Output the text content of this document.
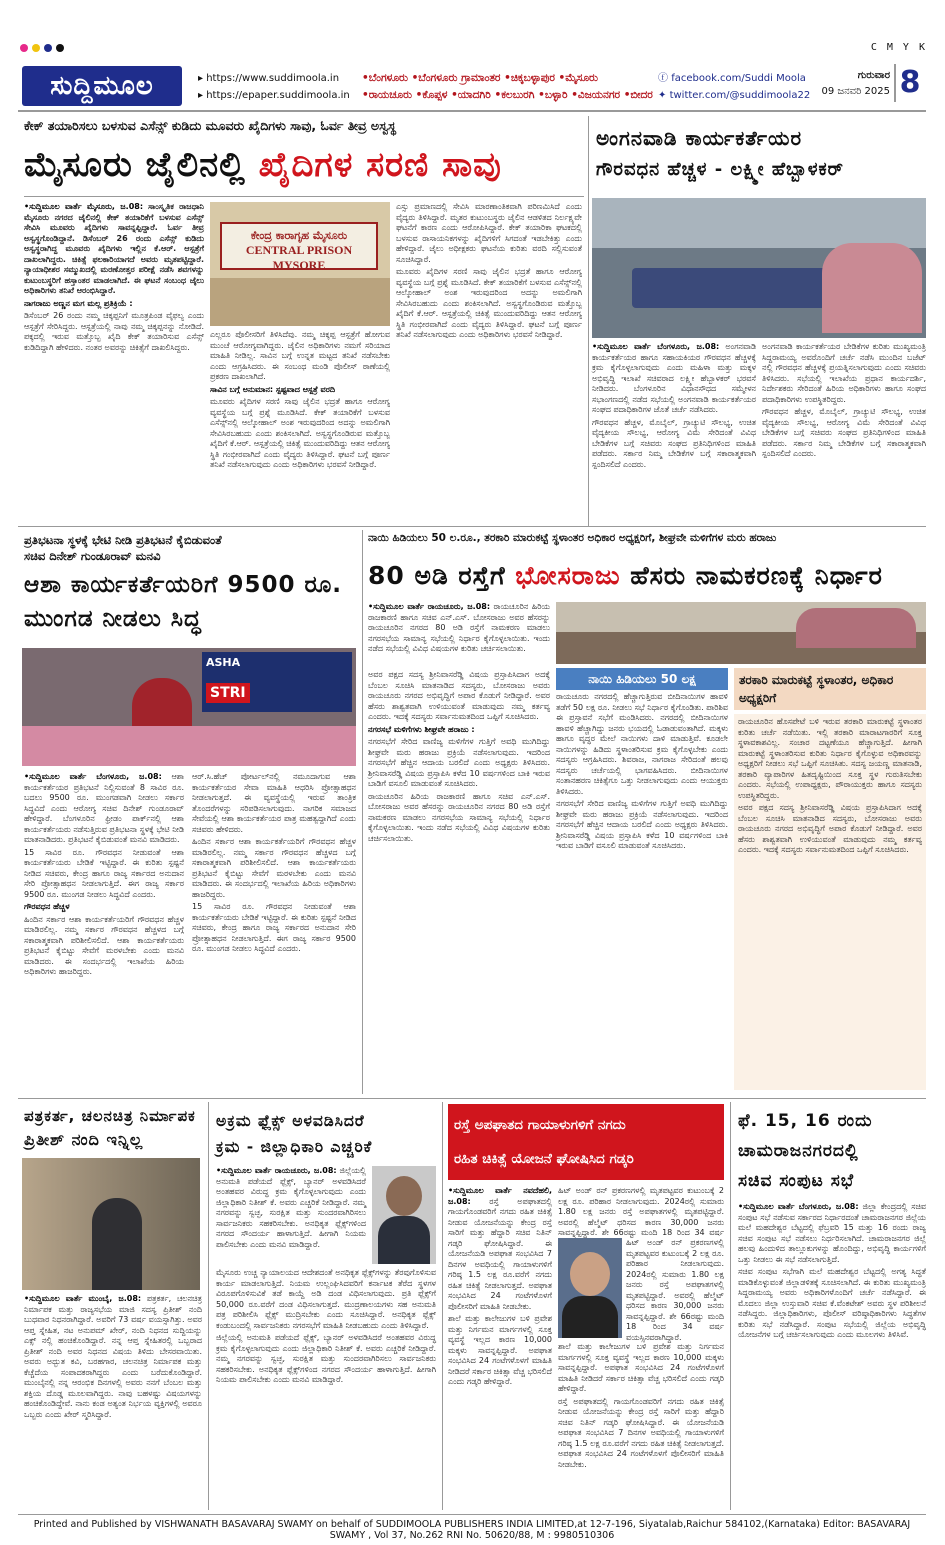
C M Y K
ಸುದ್ದಿಮೂಲ	▸ https://www.suddimoola.in
▸ https://epaper.suddimoola.in
•ಬೆಂಗಳೂರು •ಬೆಂಗಳೂರು ಗ್ರಾಮಾಂತರ •ಚಿಕ್ಕಬಳ್ಳಾಪುರ •ಮೈಸೂರು
•ರಾಯಚೂರು •ಕೊಪ್ಪಳ •ಯಾದಗಿರಿ •ಕಲಬುರಗಿ •ಬಳ್ಳಾರಿ •ವಿಜಯನಗರ •ಬೀದರ
ⓕ facebook.com/Suddi Moola
✦ twitter.com/@suddimoola22
ಗುರುವಾರ
09 ಜನವರಿ 2025 8
ಕೇಕ್ ತಯಾರಿಸಲು ಬಳಸುವ ಎಸೆನ್ಸ್ ಕುಡಿದು ಮೂವರು ಖೈದಿಗಳು ಸಾವು, ಓರ್ವ ತೀವ್ರ ಅಸ್ವಸ್ಥ
ಮೈಸೂರು ಜೈಲಿನಲ್ಲಿ ಖೈದಿಗಳ ಸರಣಿ ಸಾವು

•ಸುದ್ದಿಮೂಲ ವಾರ್ತೆ ಮೈಸೂರು, ಜ.08: ಸಾಂಸ್ಕೃತಿಕ ರಾಜಧಾನಿ ಮೈಸೂರು ನಗರದ ಜೈಲಿನಲ್ಲಿ ಕೇಕ್ ತಯಾರಿಕೆಗೆ ಬಳಸುವ ಎಸೆನ್ಸ್ ಸೇವಿಸಿ ಮೂವರು ಖೈದಿಗಳು ಸಾವನ್ನಪ್ಪಿದ್ದಾರೆ. ಓರ್ವ ತೀವ್ರ ಅಸ್ವಸ್ಥಗೊಂಡಿದ್ದಾನೆ. ಡಿಸೆಂಬರ್ 26 ರಂದು ಎಸೆನ್ಸ್ ಕುಡಿದು ಅಸ್ವಸ್ಥರಾಗಿದ್ದ ಮೂವರು ಖೈದಿಗಳು ಇಲ್ಲಿನ ಕೆ.ಆರ್. ಆಸ್ಪತ್ರೆಗೆ ದಾಖಲಾಗಿದ್ದರು. ಚಿಕಿತ್ಸೆ ಫಲಕಾರಿಯಾಗದೆ ಅವರು ಮೃತಪಟ್ಟಿದ್ದಾರೆ. ನ್ಯಾಯಾಧೀಶರ ಸಮ್ಮುಖದಲ್ಲಿ ಮರಣೋತ್ತರ ಪರೀಕ್ಷೆ ನಡೆಸಿ ಶವಗಳನ್ನು ಕುಟುಂಬಸ್ಥರಿಗೆ ಹಸ್ತಾಂತರ ಮಾಡಲಾಗಿದೆ. ಈ ಘಟನೆ ಸಂಬಂಧ ಜೈಲು ಅಧಿಕಾರಿಗಳು ತನಿಖೆ ಆರಂಭಿಸಿದ್ದಾರೆ.

ನಾಗರಾಜು ಅಣ್ಣನ ಮಗ ಮಲ್ಲ ಪ್ರತಿಕ್ರಿಯೆ :

ಡಿಸೆಂಬರ್ 26 ರಂದು ನಮ್ಮ ಚಿಕ್ಕಪ್ಪನಿಗೆ ಮೂತ್ರಪಿಂಡ ವೈಫಲ್ಯ ಎಂದು ಆಸ್ಪತ್ರೆಗೆ ಸೇರಿಸಿದ್ದರು. ಆಸ್ಪತ್ರೆಯಲ್ಲಿ ನಾವು ನಮ್ಮ ಚಿಕ್ಕಪ್ಪನನ್ನು ನೋಡಿದೆ. ಪಕ್ಕದಲ್ಲಿ ಇರುವ ಮತ್ತೊಬ್ಬ ಖೈದಿ ಕೇಕ್ ತಯಾರಿಸುವ ಎಸೆನ್ಸ್ ಕುಡಿದಿದ್ದಾಗಿ ಹೇಳಿದರು. ನಂತರ ಅವರನ್ನು ಚಿಕಿತ್ಸೆಗೆ ದಾಖಲಿಸಿದ್ದರು.

ಕೇಂದ್ರ ಕಾರಾಗೃಹ ಮೈಸೂರು
CENTRAL PRISON MYSORE

ಎಲ್ಲರೂ ಪೊಲೀಸರಿಗೆ ತಿಳಿಸಿದೆವು. ನಮ್ಮ ಚಿಕ್ಕಪ್ಪ ಆಸ್ಪತ್ರೆಗೆ ಹೋಗುವ ಮುಂಚೆ ಆರೋಗ್ಯವಾಗಿದ್ದರು. ಜೈಲಿನ ಅಧಿಕಾರಿಗಳು ನಮಗೆ ಸರಿಯಾದ ಮಾಹಿತಿ ನೀಡಿಲ್ಲ. ಸಾವಿನ ಬಗ್ಗೆ ಉನ್ನತ ಮಟ್ಟದ ತನಿಖೆ ನಡೆಸಬೇಕು ಎಂದು ಆಗ್ರಹಿಸಿದರು. ಈ ಸಂಬಂಧ ಮಂಡಿ ಪೊಲೀಸ್ ಠಾಣೆಯಲ್ಲಿ ಪ್ರಕರಣ ದಾಖಲಾಗಿದೆ.

ಸಾವಿನ ಬಗ್ಗೆ ಅನುಮಾನ: ಸ್ಪಷ್ಟವಾದ ಆಸ್ಪತ್ರೆ ವರದಿ

ಮೂವರು ಖೈದಿಗಳ ಸರಣಿ ಸಾವು ಜೈಲಿನ ಭದ್ರತೆ ಹಾಗೂ ಆರೋಗ್ಯ ವ್ಯವಸ್ಥೆಯ ಬಗ್ಗೆ ಪ್ರಶ್ನೆ ಮೂಡಿಸಿದೆ. ಕೇಕ್ ತಯಾರಿಕೆಗೆ ಬಳಸುವ ಎಸೆನ್ಸ್‌ನಲ್ಲಿ ಆಲ್ಕೋಹಾಲ್ ಅಂಶ ಇರುವುದರಿಂದ ಅದನ್ನು ಅಮಲಿಗಾಗಿ ಸೇವಿಸಿರಬಹುದು ಎಂದು ಶಂಕಿಸಲಾಗಿದೆ. ಅಸ್ವಸ್ಥಗೊಂಡಿರುವ ಮತ್ತೊಬ್ಬ ಖೈದಿಗೆ ಕೆ.ಆರ್. ಆಸ್ಪತ್ರೆಯಲ್ಲಿ ಚಿಕಿತ್ಸೆ ಮುಂದುವರಿದಿದ್ದು ಆತನ ಆರೋಗ್ಯ ಸ್ಥಿತಿ ಗಂಭೀರವಾಗಿದೆ ಎಂದು ವೈದ್ಯರು ತಿಳಿಸಿದ್ದಾರೆ. ಘಟನೆ ಬಗ್ಗೆ ಪೂರ್ಣ ತನಿಖೆ ನಡೆಸಲಾಗುವುದು ಎಂದು ಅಧಿಕಾರಿಗಳು ಭರವಸೆ ನೀಡಿದ್ದಾರೆ.

ಎಸ್ಸು ಪ್ರಮಾಣದಲ್ಲಿ ಸೇವಿಸಿ ಮಾರಣಾಂತಿಕವಾಗಿ ಪರಿಣಮಿಸಿದೆ ಎಂದು ವೈದ್ಯರು ತಿಳಿಸಿದ್ದಾರೆ. ಮೃತರ ಕುಟುಂಬಸ್ಥರು ಜೈಲಿನ ಆಡಳಿತದ ನಿರ್ಲಕ್ಷ್ಯವೇ ಘಟನೆಗೆ ಕಾರಣ ಎಂದು ಆರೋಪಿಸಿದ್ದಾರೆ. ಕೇಕ್ ತಯಾರಿಕಾ ಘಟಕದಲ್ಲಿ ಬಳಸುವ ರಾಸಾಯನಿಕಗಳನ್ನು ಖೈದಿಗಳಿಗೆ ಸಿಗದಂತೆ ಇಡಬೇಕಿತ್ತು ಎಂದು ಹೇಳಿದ್ದಾರೆ. ಜೈಲು ಅಧೀಕ್ಷಕರು ಘಟನೆಯ ಕುರಿತು ವರದಿ ಸಲ್ಲಿಸುವಂತೆ ಸೂಚಿಸಿದ್ದಾರೆ.

ಮೂವರು ಖೈದಿಗಳ ಸರಣಿ ಸಾವು ಜೈಲಿನ ಭದ್ರತೆ ಹಾಗೂ ಆರೋಗ್ಯ ವ್ಯವಸ್ಥೆಯ ಬಗ್ಗೆ ಪ್ರಶ್ನೆ ಮೂಡಿಸಿದೆ. ಕೇಕ್ ತಯಾರಿಕೆಗೆ ಬಳಸುವ ಎಸೆನ್ಸ್‌ನಲ್ಲಿ ಆಲ್ಕೋಹಾಲ್ ಅಂಶ ಇರುವುದರಿಂದ ಅದನ್ನು ಅಮಲಿಗಾಗಿ ಸೇವಿಸಿರಬಹುದು ಎಂದು ಶಂಕಿಸಲಾಗಿದೆ. ಅಸ್ವಸ್ಥಗೊಂಡಿರುವ ಮತ್ತೊಬ್ಬ ಖೈದಿಗೆ ಕೆ.ಆರ್. ಆಸ್ಪತ್ರೆಯಲ್ಲಿ ಚಿಕಿತ್ಸೆ ಮುಂದುವರಿದಿದ್ದು ಆತನ ಆರೋಗ್ಯ ಸ್ಥಿತಿ ಗಂಭೀರವಾಗಿದೆ ಎಂದು ವೈದ್ಯರು ತಿಳಿಸಿದ್ದಾರೆ. ಘಟನೆ ಬಗ್ಗೆ ಪೂರ್ಣ ತನಿಖೆ ನಡೆಸಲಾಗುವುದು ಎಂದು ಅಧಿಕಾರಿಗಳು ಭರವಸೆ ನೀಡಿದ್ದಾರೆ.

ಅಂಗನವಾಡಿ ಕಾರ್ಯಕರ್ತೆಯರ
ಗೌರವಧನ ಹೆಚ್ಚಳ - ಲಕ್ಷ್ಮೀ ಹೆಬ್ಬಾಳಕರ್

•ಸುದ್ದಿಮೂಲ ವಾರ್ತೆ ಬೆಂಗಳೂರು, ಜ.08: ಅಂಗನವಾಡಿ ಕಾರ್ಯಕರ್ತೆಯರ ಹಾಗೂ ಸಹಾಯಕಿಯರ ಗೌರವಧನ ಹೆಚ್ಚಳಕ್ಕೆ ಕ್ರಮ ಕೈಗೊಳ್ಳಲಾಗುವುದು ಎಂದು ಮಹಿಳಾ ಮತ್ತು ಮಕ್ಕಳ ಅಭಿವೃದ್ಧಿ ಇಲಾಖೆ ಸಚಿವರಾದ ಲಕ್ಷ್ಮೀ ಹೆಬ್ಬಾಳಕರ್ ಭರವಸೆ ನೀಡಿದರು. ಬೆಂಗಳೂರಿನ ವಿಧಾನಸೌಧದ ಸಮ್ಮೇಳನ ಸಭಾಂಗಣದಲ್ಲಿ ನಡೆದ ಸಭೆಯಲ್ಲಿ ಅಂಗನವಾಡಿ ಕಾರ್ಯಕರ್ತೆಯರ ಸಂಘದ ಪದಾಧಿಕಾರಿಗಳ ಜೊತೆ ಚರ್ಚೆ ನಡೆಸಿದರು.

ಗೌರವಧನ ಹೆಚ್ಚಳ, ಮೊಬೈಲ್, ಗ್ರಾಚ್ಯುಟಿ ಸೌಲಭ್ಯ, ಉಚಿತ ವೈದ್ಯಕೀಯ ಸೌಲಭ್ಯ, ಆರೋಗ್ಯ ವಿಮೆ ಸೇರಿದಂತೆ ವಿವಿಧ ಬೇಡಿಕೆಗಳ ಬಗ್ಗೆ ಸಚಿವರು ಸಂಘದ ಪ್ರತಿನಿಧಿಗಳಿಂದ ಮಾಹಿತಿ ಪಡೆದರು. ಸರ್ಕಾರ ನಿಮ್ಮ ಬೇಡಿಕೆಗಳ ಬಗ್ಗೆ ಸಕಾರಾತ್ಮಕವಾಗಿ ಸ್ಪಂದಿಸಲಿದೆ ಎಂದರು.

ಅಂಗನವಾಡಿ ಕಾರ್ಯಕರ್ತೆಯರ ಬೇಡಿಕೆಗಳ ಕುರಿತು ಮುಖ್ಯಮಂತ್ರಿ ಸಿದ್ದರಾಮಯ್ಯ ಅವರೊಂದಿಗೆ ಚರ್ಚೆ ನಡೆಸಿ ಮುಂದಿನ ಬಜೆಟ್ ನಲ್ಲಿ ಗೌರವಧನ ಹೆಚ್ಚಳಕ್ಕೆ ಪ್ರಯತ್ನಿಸಲಾಗುವುದು ಎಂದು ಸಚಿವರು ತಿಳಿಸಿದರು. ಸಭೆಯಲ್ಲಿ ಇಲಾಖೆಯ ಪ್ರಧಾನ ಕಾರ್ಯದರ್ಶಿ, ನಿರ್ದೇಶಕರು ಸೇರಿದಂತೆ ಹಿರಿಯ ಅಧಿಕಾರಿಗಳು ಹಾಗೂ ಸಂಘದ ಪದಾಧಿಕಾರಿಗಳು ಉಪಸ್ಥಿತರಿದ್ದರು.

ಗೌರವಧನ ಹೆಚ್ಚಳ, ಮೊಬೈಲ್, ಗ್ರಾಚ್ಯುಟಿ ಸೌಲಭ್ಯ, ಉಚಿತ ವೈದ್ಯಕೀಯ ಸೌಲಭ್ಯ, ಆರೋಗ್ಯ ವಿಮೆ ಸೇರಿದಂತೆ ವಿವಿಧ ಬೇಡಿಕೆಗಳ ಬಗ್ಗೆ ಸಚಿವರು ಸಂಘದ ಪ್ರತಿನಿಧಿಗಳಿಂದ ಮಾಹಿತಿ ಪಡೆದರು. ಸರ್ಕಾರ ನಿಮ್ಮ ಬೇಡಿಕೆಗಳ ಬಗ್ಗೆ ಸಕಾರಾತ್ಮಕವಾಗಿ ಸ್ಪಂದಿಸಲಿದೆ ಎಂದರು.

ಪ್ರತಿಭಟನಾ ಸ್ಥಳಕ್ಕೆ ಭೇಟಿ ನೀಡಿ ಪ್ರತಿಭಟನೆ ಕೈಬಿಡುವಂತೆ
ಸಚಿವ ದಿನೇಶ್ ಗುಂಡೂರಾವ್ ಮನವಿ
ಆಶಾ ಕಾರ್ಯಕರ್ತೆಯರಿಗೆ 9500 ರೂ.
ಮುಂಗಡ ನೀಡಲು ಸಿದ್ಧ
ASHA
STRI

•ಸುದ್ದಿಮೂಲ ವಾರ್ತೆ ಬೆಂಗಳೂರು, ಜ.08: ಆಶಾ ಕಾರ್ಯಕರ್ತೆಯರ ಪ್ರತಿಭಟನೆ ನಿಲ್ಲಿಸುವಂತೆ 8 ಸಾವಿರ ರೂ. ಬದಲು 9500 ರೂ. ಮುಂಗಡವಾಗಿ ನೀಡಲು ಸರ್ಕಾರ ಸಿದ್ಧವಿದೆ ಎಂದು ಆರೋಗ್ಯ ಸಚಿವ ದಿನೇಶ್ ಗುಂಡೂರಾವ್ ಹೇಳಿದ್ದಾರೆ. ಬೆಂಗಳೂರಿನ ಫ್ರೀಡಂ ಪಾರ್ಕ್‌ನಲ್ಲಿ ಆಶಾ ಕಾರ್ಯಕರ್ತೆಯರು ನಡೆಸುತ್ತಿರುವ ಪ್ರತಿಭಟನಾ ಸ್ಥಳಕ್ಕೆ ಭೇಟಿ ನೀಡಿ ಮಾತನಾಡಿದರು. ಪ್ರತಿಭಟನೆ ಕೈಬಿಡುವಂತೆ ಮನವಿ ಮಾಡಿದರು.

15 ಸಾವಿರ ರೂ. ಗೌರವಧನ ನೀಡುವಂತೆ ಆಶಾ ಕಾರ್ಯಕರ್ತೆಯರು ಬೇಡಿಕೆ ಇಟ್ಟಿದ್ದಾರೆ. ಈ ಕುರಿತು ಸ್ಪಷ್ಟನೆ ನೀಡಿದ ಸಚಿವರು, ಕೇಂದ್ರ ಹಾಗೂ ರಾಜ್ಯ ಸರ್ಕಾರದ ಅನುದಾನ ಸೇರಿ ಪ್ರೋತ್ಸಾಹಧನ ನೀಡಲಾಗುತ್ತಿದೆ. ಈಗ ರಾಜ್ಯ ಸರ್ಕಾರ 9500 ರೂ. ಮುಂಗಡ ನೀಡಲು ಸಿದ್ಧವಿದೆ ಎಂದರು.

ಗೌರವಧನ ಹೆಚ್ಚಳ

ಹಿಂದಿನ ಸರ್ಕಾರ ಆಶಾ ಕಾರ್ಯಕರ್ತೆಯರಿಗೆ ಗೌರವಧನ ಹೆಚ್ಚಳ ಮಾಡಿರಲಿಲ್ಲ. ನಮ್ಮ ಸರ್ಕಾರ ಗೌರವಧನ ಹೆಚ್ಚಳದ ಬಗ್ಗೆ ಸಕಾರಾತ್ಮಕವಾಗಿ ಪರಿಶೀಲಿಸಲಿದೆ. ಆಶಾ ಕಾರ್ಯಕರ್ತೆಯರು ಪ್ರತಿಭಟನೆ ಕೈಬಿಟ್ಟು ಸೇವೆಗೆ ಮರಳಬೇಕು ಎಂದು ಮನವಿ ಮಾಡಿದರು. ಈ ಸಂದರ್ಭದಲ್ಲಿ ಇಲಾಖೆಯ ಹಿರಿಯ ಅಧಿಕಾರಿಗಳು ಹಾಜರಿದ್ದರು.

ಆರ್.ಸಿ.ಹೆಚ್ ಪೋರ್ಟಲ್‌ನಲ್ಲಿ ನಮೂದಾಗುವ ಆಶಾ ಕಾರ್ಯಕರ್ತೆಯರ ಸೇವಾ ಮಾಹಿತಿ ಆಧರಿಸಿ ಪ್ರೋತ್ಸಾಹಧನ ನೀಡಲಾಗುತ್ತದೆ. ಈ ವ್ಯವಸ್ಥೆಯಲ್ಲಿ ಇರುವ ತಾಂತ್ರಿಕ ತೊಂದರೆಗಳನ್ನು ಸರಿಪಡಿಸಲಾಗುವುದು. ನಾಗರಿಕ ಸಮಾಜದ ಸೇವೆಯಲ್ಲಿ ಆಶಾ ಕಾರ್ಯಕರ್ತೆಯರ ಪಾತ್ರ ಮಹತ್ವದ್ದಾಗಿದೆ ಎಂದು ಸಚಿವರು ಹೇಳಿದರು.

ಹಿಂದಿನ ಸರ್ಕಾರ ಆಶಾ ಕಾರ್ಯಕರ್ತೆಯರಿಗೆ ಗೌರವಧನ ಹೆಚ್ಚಳ ಮಾಡಿರಲಿಲ್ಲ. ನಮ್ಮ ಸರ್ಕಾರ ಗೌರವಧನ ಹೆಚ್ಚಳದ ಬಗ್ಗೆ ಸಕಾರಾತ್ಮಕವಾಗಿ ಪರಿಶೀಲಿಸಲಿದೆ. ಆಶಾ ಕಾರ್ಯಕರ್ತೆಯರು ಪ್ರತಿಭಟನೆ ಕೈಬಿಟ್ಟು ಸೇವೆಗೆ ಮರಳಬೇಕು ಎಂದು ಮನವಿ ಮಾಡಿದರು. ಈ ಸಂದರ್ಭದಲ್ಲಿ ಇಲಾಖೆಯ ಹಿರಿಯ ಅಧಿಕಾರಿಗಳು ಹಾಜರಿದ್ದರು.

15 ಸಾವಿರ ರೂ. ಗೌರವಧನ ನೀಡುವಂತೆ ಆಶಾ ಕಾರ್ಯಕರ್ತೆಯರು ಬೇಡಿಕೆ ಇಟ್ಟಿದ್ದಾರೆ. ಈ ಕುರಿತು ಸ್ಪಷ್ಟನೆ ನೀಡಿದ ಸಚಿವರು, ಕೇಂದ್ರ ಹಾಗೂ ರಾಜ್ಯ ಸರ್ಕಾರದ ಅನುದಾನ ಸೇರಿ ಪ್ರೋತ್ಸಾಹಧನ ನೀಡಲಾಗುತ್ತಿದೆ. ಈಗ ರಾಜ್ಯ ಸರ್ಕಾರ 9500 ರೂ. ಮುಂಗಡ ನೀಡಲು ಸಿದ್ಧವಿದೆ ಎಂದರು.

ನಾಯಿ ಹಿಡಿಯಲು 50 ಲ.ರೂ., ತರಕಾರಿ ಮಾರುಕಟ್ಟೆ ಸ್ಥಳಾಂತರ ಅಧಿಕಾರ ಅಧ್ಯಕ್ಷರಿಗೆ, ಶೀಘ್ರವೇ ಮಳಿಗೆಗಳ ಮರು ಹರಾಜು
80 ಅಡಿ ರಸ್ತೆಗೆ ಭೋಸರಾಜು ಹೆಸರು ನಾಮಕರಣಕ್ಕೆ ನಿರ್ಧಾರ

•ಸುದ್ದಿಮೂಲ ವಾರ್ತೆ ರಾಯಚೂರು, ಜ.08: ರಾಯಚೂರಿನ ಹಿರಿಯ ರಾಜಕಾರಣಿ ಹಾಗೂ ಸಚಿವ ಎನ್.ಎಸ್. ಬೋಸರಾಜು ಅವರ ಹೆಸರನ್ನು ರಾಯಚೂರಿನ ನಗರದ 80 ಅಡಿ ರಸ್ತೆಗೆ ನಾಮಕರಣ ಮಾಡಲು ನಗರಸಭೆಯ ಸಾಮಾನ್ಯ ಸಭೆಯಲ್ಲಿ ನಿರ್ಧಾರ ಕೈಗೊಳ್ಳಲಾಯಿತು. ಇಂದು ನಡೆದ ಸಭೆಯಲ್ಲಿ ವಿವಿಧ ವಿಷಯಗಳ ಕುರಿತು ಚರ್ಚಿಸಲಾಯಿತು.

ನಾಯಿ ಹಿಡಿಯಲು 50 ಲಕ್ಷ

ರಾಯಚೂರು ನಗರದಲ್ಲಿ ಹೆಚ್ಚಾಗುತ್ತಿರುವ ಬೀದಿನಾಯಿಗಳ ಹಾವಳಿ ತಡೆಗೆ 50 ಲಕ್ಷ ರೂ. ನೀಡಲು ಸಭೆ ನಿರ್ಧಾರ ಕೈಗೊಂಡಿತು. ಪಾರಿಶಿವ ಈ ಪ್ರಸ್ತಾವನೆ ಸಭೆಗೆ ಮಂಡಿಸಿದರು. ನಗರದಲ್ಲಿ ಬೀದಿನಾಯಿಗಳ ಹಾವಳಿ ಹೆಚ್ಚಾಗಿದ್ದು ಜನರು ಭಯದಲ್ಲಿ ಓಡಾಡುವಂತಾಗಿದೆ. ಮಕ್ಕಳು ಹಾಗೂ ವೃದ್ಧರ ಮೇಲೆ ನಾಯಿಗಳು ದಾಳಿ ಮಾಡುತ್ತಿವೆ. ಕೂಡಲೇ ನಾಯಿಗಳನ್ನು ಹಿಡಿದು ಸ್ಥಳಾಂತರಿಸುವ ಕ್ರಮ ಕೈಗೊಳ್ಳಬೇಕು ಎಂದು ಸದಸ್ಯರು ಆಗ್ರಹಿಸಿದರು. ಶಿವರಾಜ, ನಾಗರಾಜ ಸೇರಿದಂತೆ ಹಲವು ಸದಸ್ಯರು ಚರ್ಚೆಯಲ್ಲಿ ಭಾಗವಹಿಸಿದರು. ಬೀದಿನಾಯಿಗಳ ಸಂತಾನಹರಣ ಚಿಕಿತ್ಸೆಗೂ ಒತ್ತು ನೀಡಲಾಗುವುದು ಎಂದು ಆಯುಕ್ತರು ತಿಳಿಸಿದರು.

ನಗರಸಭೆಗೆ ಸೇರಿದ ವಾಣಿಜ್ಯ ಮಳಿಗೆಗಳ ಗುತ್ತಿಗೆ ಅವಧಿ ಮುಗಿದಿದ್ದು ಶೀಘ್ರವೇ ಮರು ಹರಾಜು ಪ್ರಕ್ರಿಯೆ ನಡೆಸಲಾಗುವುದು. ಇದರಿಂದ ನಗರಸಭೆಗೆ ಹೆಚ್ಚಿನ ಆದಾಯ ಬರಲಿದೆ ಎಂದು ಅಧ್ಯಕ್ಷರು ತಿಳಿಸಿದರು. ಶ್ರೀನಿವಾಸರೆಡ್ಡಿ ವಿಷಯ ಪ್ರಸ್ತಾಪಿಸಿ ಕಳೆದ 10 ವರ್ಷಗಳಿಂದ ಬಾಕಿ ಇರುವ ಬಾಡಿಗೆ ವಸೂಲಿ ಮಾಡುವಂತೆ ಸೂಚಿಸಿದರು.

ಅವರ ಪಕ್ಷದ ಸದಸ್ಯ ಶ್ರೀನಿವಾಸರೆಡ್ಡಿ ವಿಷಯ ಪ್ರಸ್ತಾಪಿಸಿದಾಗ ಅದಕ್ಕೆ ಬೆಂಬಲ ಸೂಚಿಸಿ ಮಾತನಾಡಿದ ಸದಸ್ಯರು, ಬೋಸರಾಜು ಅವರು ರಾಯಚೂರು ನಗರದ ಅಭಿವೃದ್ಧಿಗೆ ಅಪಾರ ಕೊಡುಗೆ ನೀಡಿದ್ದಾರೆ. ಅವರ ಹೆಸರು ಶಾಶ್ವತವಾಗಿ ಉಳಿಯುವಂತೆ ಮಾಡುವುದು ನಮ್ಮ ಕರ್ತವ್ಯ ಎಂದರು. ಇದಕ್ಕೆ ಸದಸ್ಯರು ಸರ್ವಾನುಮತದಿಂದ ಒಪ್ಪಿಗೆ ಸೂಚಿಸಿದರು.

ನಗರಸಭೆ ಮಳಿಗೆಗಳು ಶೀಘ್ರವೇ ಹರಾಜು :

ನಗರಸಭೆಗೆ ಸೇರಿದ ವಾಣಿಜ್ಯ ಮಳಿಗೆಗಳ ಗುತ್ತಿಗೆ ಅವಧಿ ಮುಗಿದಿದ್ದು ಶೀಘ್ರವೇ ಮರು ಹರಾಜು ಪ್ರಕ್ರಿಯೆ ನಡೆಸಲಾಗುವುದು. ಇದರಿಂದ ನಗರಸಭೆಗೆ ಹೆಚ್ಚಿನ ಆದಾಯ ಬರಲಿದೆ ಎಂದು ಅಧ್ಯಕ್ಷರು ತಿಳಿಸಿದರು. ಶ್ರೀನಿವಾಸರೆಡ್ಡಿ ವಿಷಯ ಪ್ರಸ್ತಾಪಿಸಿ ಕಳೆದ 10 ವರ್ಷಗಳಿಂದ ಬಾಕಿ ಇರುವ ಬಾಡಿಗೆ ವಸೂಲಿ ಮಾಡುವಂತೆ ಸೂಚಿಸಿದರು.

ರಾಯಚೂರಿನ ಹಿರಿಯ ರಾಜಕಾರಣಿ ಹಾಗೂ ಸಚಿವ ಎನ್.ಎಸ್. ಬೋಸರಾಜು ಅವರ ಹೆಸರನ್ನು ರಾಯಚೂರಿನ ನಗರದ 80 ಅಡಿ ರಸ್ತೆಗೆ ನಾಮಕರಣ ಮಾಡಲು ನಗರಸಭೆಯ ಸಾಮಾನ್ಯ ಸಭೆಯಲ್ಲಿ ನಿರ್ಧಾರ ಕೈಗೊಳ್ಳಲಾಯಿತು. ಇಂದು ನಡೆದ ಸಭೆಯಲ್ಲಿ ವಿವಿಧ ವಿಷಯಗಳ ಕುರಿತು ಚರ್ಚಿಸಲಾಯಿತು.

ತರಕಾರಿ ಮಾರುಕಟ್ಟೆ ಸ್ಥಳಾಂತರ, ಅಧಿಕಾರ ಅಧ್ಯಕ್ಷರಿಗೆ

ರಾಯಚೂರಿನ ಹೊಸಪೇಟೆ ಬಳಿ ಇರುವ ತರಕಾರಿ ಮಾರುಕಟ್ಟೆ ಸ್ಥಳಾಂತರ ಕುರಿತು ಚರ್ಚೆ ನಡೆಯಿತು. ಇಲ್ಲಿ ತರಕಾರಿ ಮಾರಾಟಗಾರರಿಗೆ ಸೂಕ್ತ ಸ್ಥಳಾವಕಾಶವಿಲ್ಲ. ಸಂಚಾರ ದಟ್ಟಣೆಯೂ ಹೆಚ್ಚಾಗುತ್ತಿದೆ. ಹೀಗಾಗಿ ಮಾರುಕಟ್ಟೆ ಸ್ಥಳಾಂತರಿಸುವ ಕುರಿತು ನಿರ್ಧಾರ ಕೈಗೊಳ್ಳುವ ಅಧಿಕಾರವನ್ನು ಅಧ್ಯಕ್ಷರಿಗೆ ನೀಡಲು ಸಭೆ ಒಪ್ಪಿಗೆ ಸೂಚಿಸಿತು. ಸದಸ್ಯ ಜಯಣ್ಣ ಮಾತನಾಡಿ, ತರಕಾರಿ ವ್ಯಾಪಾರಿಗಳ ಹಿತದೃಷ್ಟಿಯಿಂದ ಸೂಕ್ತ ಸ್ಥಳ ಗುರುತಿಸಬೇಕು ಎಂದರು. ಸಭೆಯಲ್ಲಿ ಉಪಾಧ್ಯಕ್ಷರು, ಪೌರಾಯುಕ್ತರು ಹಾಗೂ ಸದಸ್ಯರು ಉಪಸ್ಥಿತರಿದ್ದರು.

ಅವರ ಪಕ್ಷದ ಸದಸ್ಯ ಶ್ರೀನಿವಾಸರೆಡ್ಡಿ ವಿಷಯ ಪ್ರಸ್ತಾಪಿಸಿದಾಗ ಅದಕ್ಕೆ ಬೆಂಬಲ ಸೂಚಿಸಿ ಮಾತನಾಡಿದ ಸದಸ್ಯರು, ಬೋಸರಾಜು ಅವರು ರಾಯಚೂರು ನಗರದ ಅಭಿವೃದ್ಧಿಗೆ ಅಪಾರ ಕೊಡುಗೆ ನೀಡಿದ್ದಾರೆ. ಅವರ ಹೆಸರು ಶಾಶ್ವತವಾಗಿ ಉಳಿಯುವಂತೆ ಮಾಡುವುದು ನಮ್ಮ ಕರ್ತವ್ಯ ಎಂದರು. ಇದಕ್ಕೆ ಸದಸ್ಯರು ಸರ್ವಾನುಮತದಿಂದ ಒಪ್ಪಿಗೆ ಸೂಚಿಸಿದರು.

ಪತ್ರಕರ್ತ, ಚಲನಚಿತ್ರ ನಿರ್ಮಾಪಕ
ಪ್ರಿತೀಶ್ ನಂದಿ ಇನ್ನಿಲ್ಲ

•ಸುದ್ದಿಮೂಲ ವಾರ್ತೆ ಮುಂಬೈ, ಜ.08: ಪತ್ರಕರ್ತ, ಚಲನಚಿತ್ರ ನಿರ್ಮಾಪಕ ಮತ್ತು ರಾಜ್ಯಸಭೆಯ ಮಾಜಿ ಸದಸ್ಯ ಪ್ರಿತೀಶ್ ನಂದಿ ಬುಧವಾರ ನಿಧನರಾಗಿದ್ದಾರೆ. ಅವರಿಗೆ 73 ವರ್ಷ ವಯಸ್ಸಾಗಿತ್ತು. ಅವರ ಆಪ್ತ ಸ್ನೇಹಿತ, ನಟ ಅನುಪಮ್ ಖೇರ್, ನಂದಿ ನಿಧನದ ಸುದ್ದಿಯನ್ನು ಎಕ್ಸ್ ನಲ್ಲಿ ಹಂಚಿಕೊಂಡಿದ್ದಾರೆ. ನನ್ನ ಆಪ್ತ ಸ್ನೇಹಿತರಲ್ಲಿ ಒಬ್ಬರಾದ ಪ್ರಿತೀಶ್ ನಂದಿ ಅವರ ನಿಧನದ ವಿಷಯ ತಿಳಿದು ಬೇಸರವಾಯಿತು. ಅವರು ಅದ್ಭುತ ಕವಿ, ಬರಹಗಾರ, ಚಲನಚಿತ್ರ ನಿರ್ಮಾಪಕ ಮತ್ತು ಕೆಚ್ಚೆದೆಯ ಸಂಪಾದಕರಾಗಿದ್ದರು ಎಂದು ಬರೆದುಕೊಂಡಿದ್ದಾರೆ. ಮುಂಬೈನಲ್ಲಿ ನನ್ನ ಆರಂಭಿಕ ದಿನಗಳಲ್ಲಿ ಅವರು ನನಗೆ ಬೆಂಬಲ ಮತ್ತು ಶಕ್ತಿಯ ದೊಡ್ಡ ಮೂಲವಾಗಿದ್ದರು. ನಾವು ಬಹಳಷ್ಟು ವಿಷಯಗಳನ್ನು ಹಂಚಿಕೊಂಡಿದ್ದೇವೆ. ನಾನು ಕಂಡ ಅತ್ಯಂತ ನಿರ್ಭಯ ವ್ಯಕ್ತಿಗಳಲ್ಲಿ ಅವರೂ ಒಬ್ಬರು ಎಂದು ಖೇರ್ ಸ್ಮರಿಸಿದ್ದಾರೆ.

ಅಕ್ರಮ ಫ್ಲೆಕ್ಸ್ ಅಳವಡಿಸಿದರೆ
ಕ್ರಮ - ಜಿಲ್ಲಾಧಿಕಾರಿ ಎಚ್ಚರಿಕೆ

•ಸುದ್ದಿಮೂಲ ವಾರ್ತೆ ರಾಯಚೂರು, ಜ.08: ಜಿಲ್ಲೆಯಲ್ಲಿ ಅನುಮತಿ ಪಡೆಯದೆ ಫ್ಲೆಕ್ಸ್, ಬ್ಯಾನರ್ ಅಳವಡಿಸಿದರೆ ಅಂತಹವರ ವಿರುದ್ಧ ಕ್ರಮ ಕೈಗೊಳ್ಳಲಾಗುವುದು ಎಂದು ಜಿಲ್ಲಾಧಿಕಾರಿ ನಿತೀಶ್ ಕೆ. ಅವರು ಎಚ್ಚರಿಕೆ ನೀಡಿದ್ದಾರೆ. ನಮ್ಮ ನಗರವನ್ನು ಸ್ವಚ್ಛ, ಸುರಕ್ಷಿತ ಮತ್ತು ಸುಂದರವಾಗಿರಿಸಲು ಸಾರ್ವಜನಿಕರು ಸಹಕರಿಸಬೇಕು. ಅನಧಿಕೃತ ಫ್ಲೆಕ್ಸ್‌ಗಳಿಂದ ನಗರದ ಸೌಂದರ್ಯ ಹಾಳಾಗುತ್ತಿದೆ. ಹೀಗಾಗಿ ನಿಯಮ ಪಾಲಿಸಬೇಕು ಎಂದು ಮನವಿ ಮಾಡಿದ್ದಾರೆ.

ಮೈಸೂರು ಉಚ್ಚ ನ್ಯಾಯಾಲಯದ ಆದೇಶದಂತೆ ಅನಧಿಕೃತ ಫ್ಲೆಕ್ಸ್‌ಗಳನ್ನು ತೆರವುಗೊಳಿಸುವ ಕಾರ್ಯ ಮಾಡಲಾಗುತ್ತಿದೆ. ನಿಯಮ ಉಲ್ಲಂಘಿಸಿದವರಿಗೆ ಕರ್ನಾಟಕ ತೆರೆದ ಸ್ಥಳಗಳ ವಿರೂಪಗೊಳಿಸುವಿಕೆ ತಡೆ ಕಾಯ್ದೆ ಅಡಿ ದಂಡ ವಿಧಿಸಲಾಗುವುದು. ಪ್ರತಿ ಫ್ಲೆಕ್ಸ್‌ಗೆ 50,000 ರೂ.ವರೆಗೆ ದಂಡ ವಿಧಿಸಲಾಗುತ್ತದೆ. ಮುದ್ರಣಾಲಯಗಳು ಸಹ ಅನುಮತಿ ಪತ್ರ ಪರಿಶೀಲಿಸಿ ಫ್ಲೆಕ್ಸ್ ಮುದ್ರಿಸಬೇಕು ಎಂದು ಸೂಚಿಸಿದ್ದಾರೆ. ಅನಧಿಕೃತ ಫ್ಲೆಕ್ಸ್ ಕಂಡುಬಂದಲ್ಲಿ ಸಾರ್ವಜನಿಕರು ನಗರಸಭೆಗೆ ಮಾಹಿತಿ ನೀಡಬಹುದು ಎಂದು ತಿಳಿಸಿದ್ದಾರೆ.

ಜಿಲ್ಲೆಯಲ್ಲಿ ಅನುಮತಿ ಪಡೆಯದೆ ಫ್ಲೆಕ್ಸ್, ಬ್ಯಾನರ್ ಅಳವಡಿಸಿದರೆ ಅಂತಹವರ ವಿರುದ್ಧ ಕ್ರಮ ಕೈಗೊಳ್ಳಲಾಗುವುದು ಎಂದು ಜಿಲ್ಲಾಧಿಕಾರಿ ನಿತೀಶ್ ಕೆ. ಅವರು ಎಚ್ಚರಿಕೆ ನೀಡಿದ್ದಾರೆ. ನಮ್ಮ ನಗರವನ್ನು ಸ್ವಚ್ಛ, ಸುರಕ್ಷಿತ ಮತ್ತು ಸುಂದರವಾಗಿರಿಸಲು ಸಾರ್ವಜನಿಕರು ಸಹಕರಿಸಬೇಕು. ಅನಧಿಕೃತ ಫ್ಲೆಕ್ಸ್‌ಗಳಿಂದ ನಗರದ ಸೌಂದರ್ಯ ಹಾಳಾಗುತ್ತಿದೆ. ಹೀಗಾಗಿ ನಿಯಮ ಪಾಲಿಸಬೇಕು ಎಂದು ಮನವಿ ಮಾಡಿದ್ದಾರೆ.

ರಸ್ತೆ ಅಪಘಾತದ ಗಾಯಾಳುಗಳಿಗೆ ನಗದು
ರಹಿತ ಚಿಕಿತ್ಸೆ ಯೋಜನೆ ಘೋಷಿಸಿದ ಗಡ್ಕರಿ

•ಸುದ್ದಿಮೂಲ ವಾರ್ತೆ ನವದೆಹಲಿ, ಜ.08: ರಸ್ತೆ ಅಪಘಾತದಲ್ಲಿ ಗಾಯಗೊಂಡವರಿಗೆ ನಗದು ರಹಿತ ಚಿಕಿತ್ಸೆ ನೀಡುವ ಯೋಜನೆಯನ್ನು ಕೇಂದ್ರ ರಸ್ತೆ ಸಾರಿಗೆ ಮತ್ತು ಹೆದ್ದಾರಿ ಸಚಿವ ನಿತಿನ್ ಗಡ್ಕರಿ ಘೋಷಿಸಿದ್ದಾರೆ. ಈ ಯೋಜನೆಯಡಿ ಅಪಘಾತ ಸಂಭವಿಸಿದ 7 ದಿನಗಳ ಅವಧಿಯಲ್ಲಿ ಗಾಯಾಳುಗಳಿಗೆ ಗರಿಷ್ಠ 1.5 ಲಕ್ಷ ರೂ.ವರೆಗೆ ನಗದು ರಹಿತ ಚಿಕಿತ್ಸೆ ನೀಡಲಾಗುತ್ತದೆ. ಅಪಘಾತ ಸಂಭವಿಸಿದ 24 ಗಂಟೆಗಳೊಳಗೆ ಪೊಲೀಸರಿಗೆ ಮಾಹಿತಿ ನೀಡಬೇಕು.

ಶಾಲೆ ಮತ್ತು ಕಾಲೇಜುಗಳ ಬಳಿ ಪ್ರವೇಶ ಮತ್ತು ನಿರ್ಗಮನ ಮಾರ್ಗಗಳಲ್ಲಿ ಸೂಕ್ತ ವ್ಯವಸ್ಥೆ ಇಲ್ಲದ ಕಾರಣ 10,000 ಮಕ್ಕಳು ಸಾವನ್ನಪ್ಪಿದ್ದಾರೆ. ಅಪಘಾತ ಸಂಭವಿಸಿದ 24 ಗಂಟೆಗಳೊಳಗೆ ಮಾಹಿತಿ ನೀಡಿದರೆ ಸರ್ಕಾರ ಚಿಕಿತ್ಸಾ ವೆಚ್ಚ ಭರಿಸಲಿದೆ ಎಂದು ಗಡ್ಕರಿ ಹೇಳಿದ್ದಾರೆ.

ಹಿಟ್ ಅಂಡ್ ರನ್ ಪ್ರಕರಣಗಳಲ್ಲಿ ಮೃತಪಟ್ಟವರ ಕುಟುಂಬಕ್ಕೆ 2 ಲಕ್ಷ ರೂ. ಪರಿಹಾರ ನೀಡಲಾಗುವುದು. 2024ರಲ್ಲಿ ಸುಮಾರು 1.80 ಲಕ್ಷ ಜನರು ರಸ್ತೆ ಅಪಘಾತಗಳಲ್ಲಿ ಮೃತಪಟ್ಟಿದ್ದಾರೆ. ಅವರಲ್ಲಿ ಹೆಲ್ಮೆಟ್ ಧರಿಸದ ಕಾರಣ 30,000 ಜನರು ಸಾವನ್ನಪ್ಪಿದ್ದಾರೆ. ಶೇ 66ರಷ್ಟು ಮಂದಿ 18 ರಿಂದ 34 ವರ್ಷ

ಹಿಟ್ ಅಂಡ್ ರನ್ ಪ್ರಕರಣಗಳಲ್ಲಿ ಮೃತಪಟ್ಟವರ ಕುಟುಂಬಕ್ಕೆ 2 ಲಕ್ಷ ರೂ. ಪರಿಹಾರ ನೀಡಲಾಗುವುದು. 2024ರಲ್ಲಿ ಸುಮಾರು 1.80 ಲಕ್ಷ ಜನರು ರಸ್ತೆ ಅಪಘಾತಗಳಲ್ಲಿ ಮೃತಪಟ್ಟಿದ್ದಾರೆ. ಅವರಲ್ಲಿ ಹೆಲ್ಮೆಟ್ ಧರಿಸದ ಕಾರಣ 30,000 ಜನರು ಸಾವನ್ನಪ್ಪಿದ್ದಾರೆ. ಶೇ 66ರಷ್ಟು ಮಂದಿ 18 ರಿಂದ 34 ವರ್ಷ ವಯಸ್ಸಿನವರಾಗಿದ್ದಾರೆ.

ಶಾಲೆ ಮತ್ತು ಕಾಲೇಜುಗಳ ಬಳಿ ಪ್ರವೇಶ ಮತ್ತು ನಿರ್ಗಮನ ಮಾರ್ಗಗಳಲ್ಲಿ ಸೂಕ್ತ ವ್ಯವಸ್ಥೆ ಇಲ್ಲದ ಕಾರಣ 10,000 ಮಕ್ಕಳು ಸಾವನ್ನಪ್ಪಿದ್ದಾರೆ. ಅಪಘಾತ ಸಂಭವಿಸಿದ 24 ಗಂಟೆಗಳೊಳಗೆ ಮಾಹಿತಿ ನೀಡಿದರೆ ಸರ್ಕಾರ ಚಿಕಿತ್ಸಾ ವೆಚ್ಚ ಭರಿಸಲಿದೆ ಎಂದು ಗಡ್ಕರಿ ಹೇಳಿದ್ದಾರೆ.

ರಸ್ತೆ ಅಪಘಾತದಲ್ಲಿ ಗಾಯಗೊಂಡವರಿಗೆ ನಗದು ರಹಿತ ಚಿಕಿತ್ಸೆ ನೀಡುವ ಯೋಜನೆಯನ್ನು ಕೇಂದ್ರ ರಸ್ತೆ ಸಾರಿಗೆ ಮತ್ತು ಹೆದ್ದಾರಿ ಸಚಿವ ನಿತಿನ್ ಗಡ್ಕರಿ ಘೋಷಿಸಿದ್ದಾರೆ. ಈ ಯೋಜನೆಯಡಿ ಅಪಘಾತ ಸಂಭವಿಸಿದ 7 ದಿನಗಳ ಅವಧಿಯಲ್ಲಿ ಗಾಯಾಳುಗಳಿಗೆ ಗರಿಷ್ಠ 1.5 ಲಕ್ಷ ರೂ.ವರೆಗೆ ನಗದು ರಹಿತ ಚಿಕಿತ್ಸೆ ನೀಡಲಾಗುತ್ತದೆ. ಅಪಘಾತ ಸಂಭವಿಸಿದ 24 ಗಂಟೆಗಳೊಳಗೆ ಪೊಲೀಸರಿಗೆ ಮಾಹಿತಿ ನೀಡಬೇಕು.

ಫೆ. 15, 16 ರಂದು
ಚಾಮರಾಜನಗರದಲ್ಲಿ
ಸಚಿವ ಸಂಪುಟ ಸಭೆ

•ಸುದ್ದಿಮೂಲ ವಾರ್ತೆ ಬೆಂಗಳೂರು, ಜ.08: ಜಿಲ್ಲಾ ಕೇಂದ್ರದಲ್ಲಿ ಸಚಿವ ಸಂಪುಟ ಸಭೆ ನಡೆಸುವ ಸರ್ಕಾರದ ನಿರ್ಧಾರದಂತೆ ಚಾಮರಾಜನಗರ ಜಿಲ್ಲೆಯ ಮಲೆ ಮಹದೇಶ್ವರ ಬೆಟ್ಟದಲ್ಲಿ ಫೆಬ್ರವರಿ 15 ಮತ್ತು 16 ರಂದು ರಾಜ್ಯ ಸಚಿವ ಸಂಪುಟ ಸಭೆ ನಡೆಸಲು ನಿರ್ಧರಿಸಲಾಗಿದೆ. ಚಾಮರಾಜನಗರ ಜಿಲ್ಲೆ ಹಲವು ಹಿಂದುಳಿದ ತಾಲ್ಲೂಕುಗಳನ್ನು ಹೊಂದಿದ್ದು, ಅಭಿವೃದ್ಧಿ ಕಾರ್ಯಗಳಿಗೆ ಒತ್ತು ನೀಡಲು ಈ ಸಭೆ ನಡೆಸಲಾಗುತ್ತಿದೆ.

ಸಚಿವ ಸಂಪುಟ ಸಭೆಗಾಗಿ ಮಲೆ ಮಹದೇಶ್ವರ ಬೆಟ್ಟದಲ್ಲಿ ಅಗತ್ಯ ಸಿದ್ಧತೆ ಮಾಡಿಕೊಳ್ಳುವಂತೆ ಜಿಲ್ಲಾಡಳಿತಕ್ಕೆ ಸೂಚಿಸಲಾಗಿದೆ. ಈ ಕುರಿತು ಮುಖ್ಯಮಂತ್ರಿ ಸಿದ್ದರಾಮಯ್ಯ ಅವರು ಅಧಿಕಾರಿಗಳೊಂದಿಗೆ ಚರ್ಚೆ ನಡೆಸಿದ್ದಾರೆ. ಈ ಮೊದಲು ಜಿಲ್ಲಾ ಉಸ್ತುವಾರಿ ಸಚಿವ ಕೆ.ವೆಂಕಟೇಶ್ ಅವರು ಸ್ಥಳ ಪರಿಶೀಲನೆ ನಡೆಸಿದ್ದರು. ಜಿಲ್ಲಾಧಿಕಾರಿಗಳು, ಪೊಲೀಸ್ ವರಿಷ್ಠಾಧಿಕಾರಿಗಳು ಸಿದ್ಧತೆಗಳ ಕುರಿತು ಸಭೆ ನಡೆಸಿದ್ದಾರೆ. ಸಂಪುಟ ಸಭೆಯಲ್ಲಿ ಜಿಲ್ಲೆಯ ಅಭಿವೃದ್ಧಿ ಯೋಜನೆಗಳ ಬಗ್ಗೆ ಚರ್ಚಿಸಲಾಗುವುದು ಎಂದು ಮೂಲಗಳು ತಿಳಿಸಿವೆ.

Printed and Published by VISHWANATH BASAVARAJ SWAMY on behalf of SUDDIMOOLA PUBLISHERS INDIA LIMITED,at 12-7-196, Siyatalab,Raichur 584102,(Karnataka) Editor: BASAVARAJ SWAMY , Vol 37, No.262 RNI No. 50620/88, M : 9980510306
